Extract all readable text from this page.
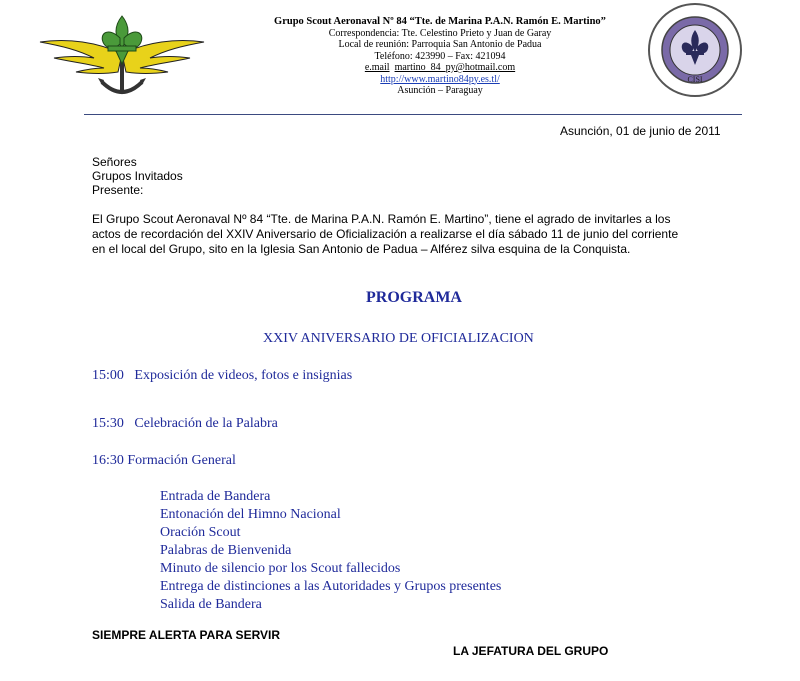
Grupo Scout Aeronaval Nº 84 “Tte. de Marina P.A.N. Ramón E. Martino”
Correspondencia: Tte. Celestino Prieto y Juan de Garay
Local de reunión: Parroquia San Antonio de Padua
Teléfono: 423990 – Fax: 421094
e.mail martino_84_py@hotmail.com
http://www.martino84py.es.tl/
Asunción – Paraguay
CISI
Asunción, 01 de junio de 2011
Señores
Grupos Invitados
Presente:
El Grupo Scout Aeronaval Nº 84 “Tte. de Marina P.A.N. Ramón E. Martino”, tiene el agrado de invitarles a los
actos de recordación del XXIV Aniversario de Oficialización a realizarse el día sábado 11 de junio del corriente
en el local del Grupo, sito en la Iglesia San Antonio de Padua – Alférez silva esquina de la Conquista.
PROGRAMA
XXIV ANIVERSARIO DE OFICIALIZACION
15:00 Exposición de videos, fotos e insignias
15:30 Celebración de la Palabra
16:30 Formación General
Entrada de Bandera
Entonación del Himno Nacional
Oración Scout
Palabras de Bienvenida
Minuto de silencio por los Scout fallecidos
Entrega de distinciones a las Autoridades y Grupos presentes
Salida de Bandera
SIEMPRE ALERTA PARA SERVIR
LA JEFATURA DEL GRUPO
